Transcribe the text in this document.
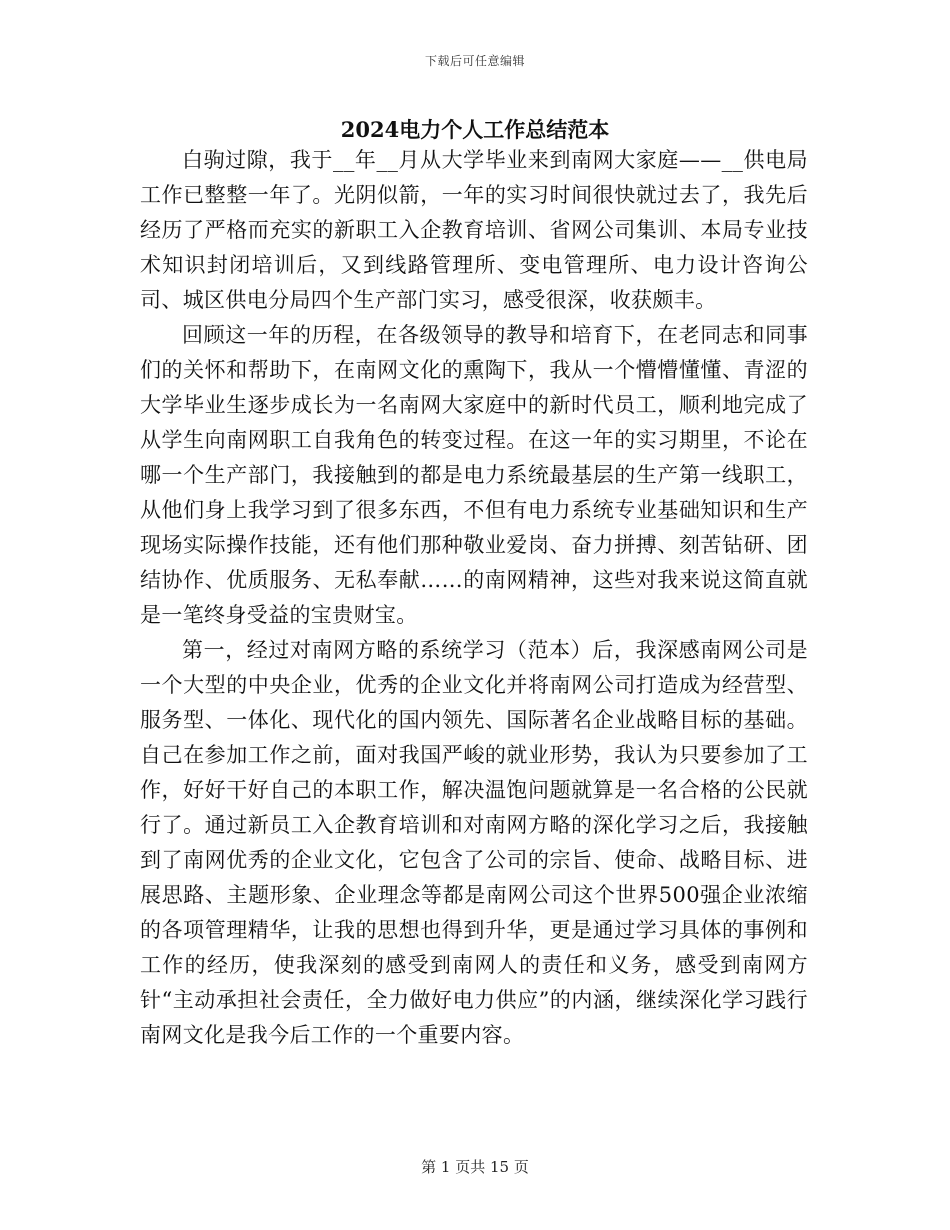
下载后可任意编辑
2024电力个人工作总结范本

白驹过隙，我于__年__月从大学毕业来到南网大家庭——__供电局工作已整整一年了。光阴似箭，一年的实习时间很快就过去了，我先后经历了严格而充实的新职工入企教育培训、省网公司集训、本局专业技术知识封闭培训后，又到线路管理所、变电管理所、电力设计咨询公司、城区供电分局四个生产部门实习，感受很深，收获颇丰。

回顾这一年的历程，在各级领导的教导和培育下，在老同志和同事们的关怀和帮助下，在南网文化的熏陶下，我从一个懵懵懂懂、青涩的大学毕业生逐步成长为一名南网大家庭中的新时代员工，顺利地完成了从学生向南网职工自我角色的转变过程。在这一年的实习期里，不论在哪一个生产部门，我接触到的都是电力系统最基层的生产第一线职工，从他们身上我学习到了很多东西，不但有电力系统专业基础知识和生产现场实际操作技能，还有他们那种敬业爱岗、奋力拼搏、刻苦钻研、团结协作、优质服务、无私奉献……的南网精神，这些对我来说这简直就是一笔终身受益的宝贵财宝。

第一，经过对南网方略的系统学习（范本）后，我深感南网公司是一个大型的中央企业，优秀的企业文化并将南网公司打造成为经营型、服务型、一体化、现代化的国内领先、国际著名企业战略目标的基础。自己在参加工作之前，面对我国严峻的就业形势，我认为只要参加了工作，好好干好自己的本职工作，解决温饱问题就算是一名合格的公民就行了。通过新员工入企教育培训和对南网方略的深化学习之后，我接触到了南网优秀的企业文化，它包含了公司的宗旨、使命、战略目标、进展思路、主题形象、企业理念等都是南网公司这个世界500强企业浓缩的各项管理精华，让我的思想也得到升华，更是通过学习具体的事例和工作的经历，使我深刻的感受到南网人的责任和义务，感受到南网方针“主动承担社会责任，全力做好电力供应”的内涵，继续深化学习践行南网文化是我今后工作的一个重要内容。

第 1 页共 15 页
